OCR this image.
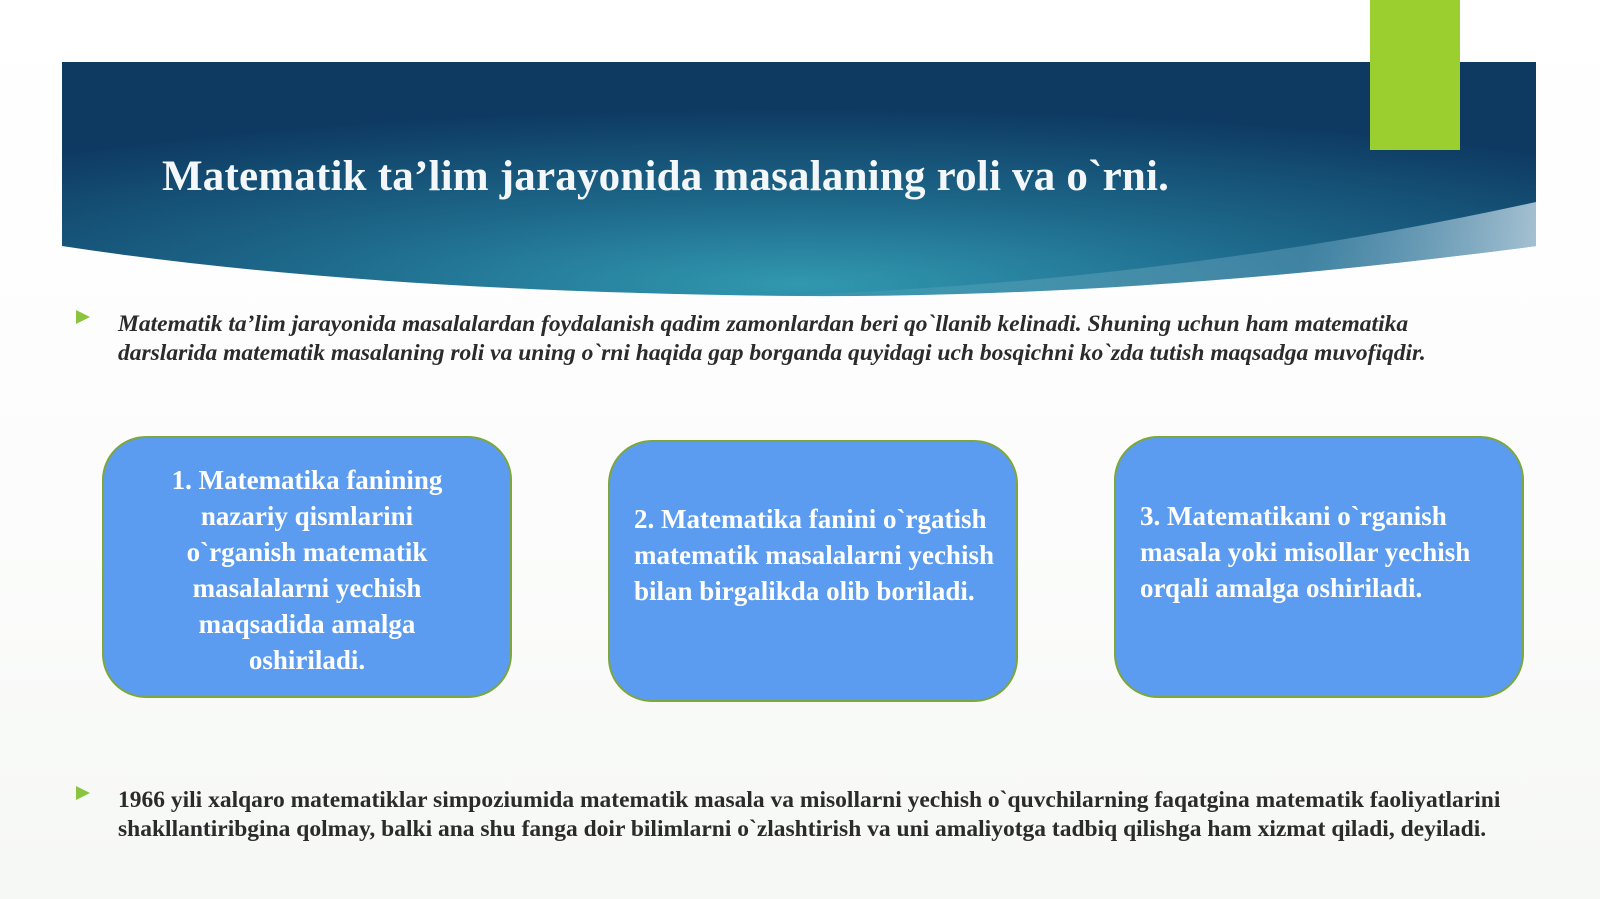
Matematik ta’lim jarayonida masalaning roli va o`rni.

Matematik ta’lim jarayonida masalalardan foydalanish qadim zamonlardan beri qo`llanib kelinadi. Shuning uchun ham matematika darslarida matematik masalaning roli va uning o`rni haqida gap borganda quyidagi uch bosqichni ko`zda tutish maqsadga muvofiqdir.

1. Matematika fanining nazariy qismlarini o`rganish matematik masalalarni yechish maqsadida amalga oshiriladi.

2. Matematika fanini o`rgatish matematik masalalarni yechish bilan birgalikda olib boriladi.

3. Matematikani o`rganish masala yoki misollar yechish orqali amalga oshiriladi.

1966 yili xalqaro matematiklar simpoziumida matematik masala va misollarni yechish o`quvchilarning faqatgina matematik faoliyatlarini shakllantiribgina qolmay, balki ana shu fanga doir bilimlarni o`zlashtirish va uni amaliyotga tadbiq qilishga ham xizmat qiladi, deyiladi.
